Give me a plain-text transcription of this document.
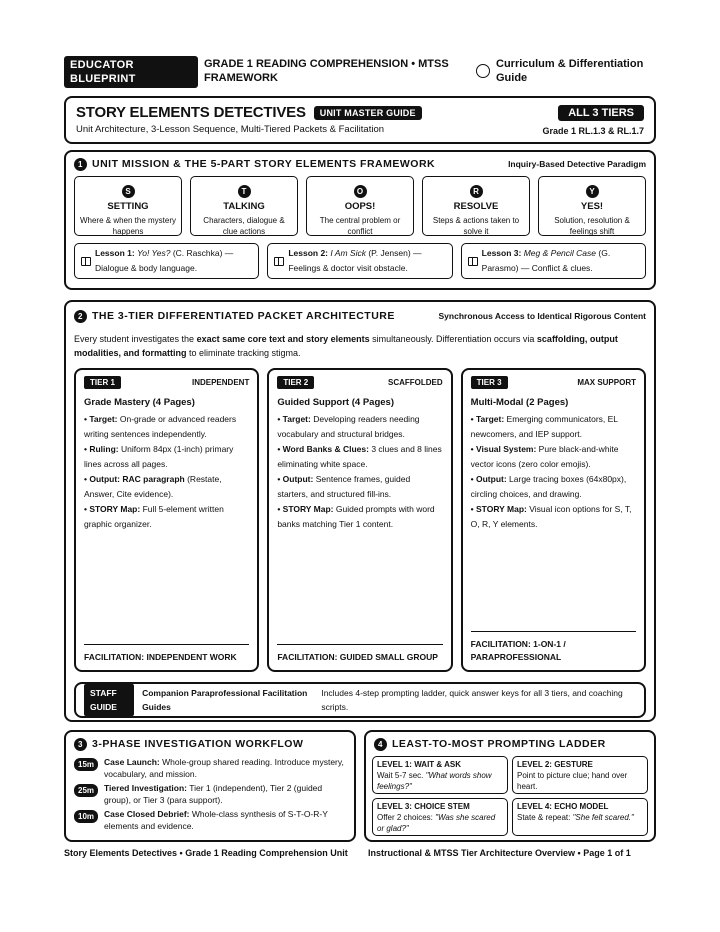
EDUCATOR
BLUEPRINT
GRADE 1 READING COMPREHENSION • MTSS FRAMEWORK
Curriculum & Differentiation Guide
STORY ELEMENTS DETECTIVES	UNIT MASTER GUIDE
Unit Architecture, 3-Lesson Sequence, Multi-Tiered Packets & Facilitation
ALL 3 TIERS
Grade 1 RL.1.3 & RL.1.7
1 UNIT MISSION & THE 5-PART STORY ELEMENTS FRAMEWORK	Inquiry-Based Detective Paradigm
S
SETTING
Where & when the mystery happens
T
TALKING
Characters, dialogue & clue actions
O
OOPS!
The central problem or conflict
R
RESOLVE
Steps & actions taken to solve it
Y
YES!
Solution, resolution & feelings shift
Lesson 1: Yo! Yes? (C. Raschka) — Dialogue & body language.
Lesson 2: I Am Sick (P. Jensen) — Feelings & doctor visit obstacle.
Lesson 3: Meg & Pencil Case (G. Parasmo) — Conflict & clues.
2 THE 3-TIER DIFFERENTIATED PACKET ARCHITECTURE	Synchronous Access to Identical Rigorous Content
Every student investigates the exact same core text and story elements simultaneously. Differentiation occurs via scaffolding, output modalities, and formatting to eliminate tracking stigma.
TIER 1	INDEPENDENT
Grade Mastery (4 Pages)

• Target: On-grade or advanced readers writing sentences independently.

• Ruling: Uniform 84px (1-inch) primary lines across all pages.

• Output: RAC paragraph (Restate, Answer, Cite evidence).

• STORY Map: Full 5-element written graphic organizer.

FACILITATION: INDEPENDENT WORK
TIER 2	SCAFFOLDED
Guided Support (4 Pages)

• Target: Developing readers needing vocabulary and structural bridges.

• Word Banks & Clues: 3 clues and 8 lines eliminating white space.

• Output: Sentence frames, guided starters, and structured fill-ins.

• STORY Map: Guided prompts with word banks matching Tier 1 content.

FACILITATION: GUIDED SMALL GROUP
TIER 3	MAX SUPPORT
Multi-Modal (2 Pages)

• Target: Emerging communicators, EL newcomers, and IEP support.

• Visual System: Pure black-and-white vector icons (zero color emojis).

• Output: Large tracing boxes (64x80px), circling choices, and drawing.

• STORY Map: Visual icon options for S, T, O, R, Y elements.

FACILITATION: 1-ON-1 / PARAPROFESSIONAL
STAFF GUIDE
Companion Paraprofessional Facilitation Guides
Includes 4-step prompting ladder, quick answer keys for all 3 tiers, and coaching scripts.
3 3-PHASE INVESTIGATION WORKFLOW
15m	Case Launch: Whole-group shared reading. Introduce mystery, vocabulary, and mission.
25m	Tiered Investigation: Tier 1 (independent), Tier 2 (guided group), or Tier 3 (para support).
10m	Case Closed Debrief: Whole-class synthesis of S-T-O-R-Y elements and evidence.
4 LEAST-TO-MOST PROMPTING LADDER
LEVEL 1: WAIT & ASK
Wait 5-7 sec. "What words show feelings?"
LEVEL 2: GESTURE
Point to picture clue; hand over heart.
LEVEL 3: CHOICE STEM
Offer 2 choices: "Was she scared or glad?"
LEVEL 4: ECHO MODEL
State & repeat: "She felt scared."
Story Elements Detectives • Grade 1 Reading Comprehension Unit	Instructional & MTSS Tier Architecture Overview • Page 1 of 1
